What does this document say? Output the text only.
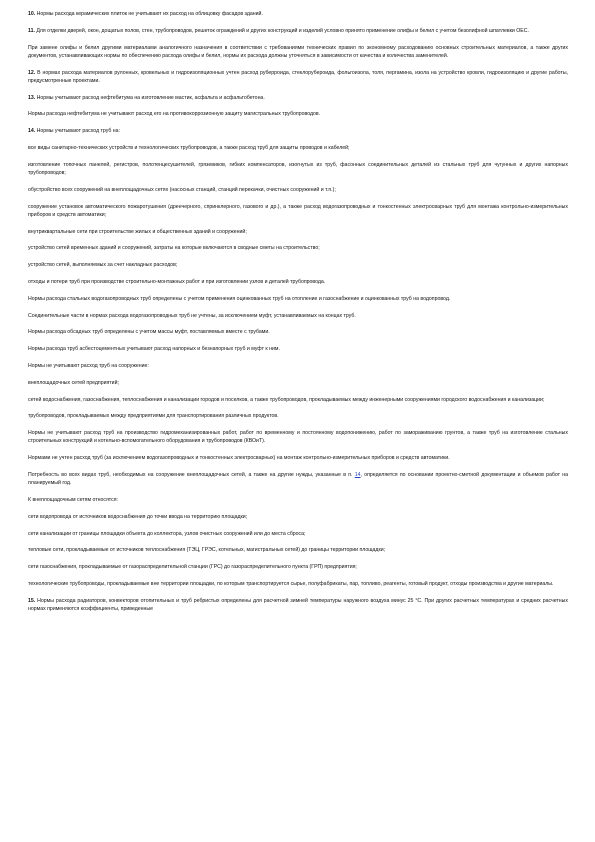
10. Нормы расхода керамических плиток не учитывают их расход на облицовку фасадов зданий.

11. Для отделки дверей, окон, дощатых полов, стен, трубопроводов, решеток ограждений и других конструкций и изделий условно принято применение олифы и белил с учетом безолифной шпатлевки ОЕС.

При замене олифы и белил другими материалами аналогичного назначения в соответствии с требованиями технических правил по экономному расходованию основных строительных материалов, а также других документов, устанавливающих нормы по обеспечению расхода олифы и белил, нормы их расхода должны уточняться в зависимости от качества и количества заменителей.

12. В нормах расхода материалов рулонных, кровельных и гидроизоляционных учтен расход руберроида, стеклорубероида, фольгоизола, толя, пергамина, изола на устройство кровли, гидроизоляцию и другие работы, предусмотренные проектами.

13. Нормы учитывают расход нефтебитума на изготовление мастик, асфальта и асфальтобетона.

Нормы расхода нефтебитума не учитывают расход его на противокоррозионную защиту магистральных трубопроводов.

14. Нормы учитывают расход труб на:

все виды санитарно-технических устройств и технологических трубопроводов, а также расход труб для защиты проводов и кабелей;

изготовление топочных панелей, регистров, полотенцесушителей, грязевиков, гибких компенсаторов, изогнутых из труб, фасонных соединительных деталей из стальных труб для чугунных и других напорных трубопроводов;

обустройство всех сооружений на внеплощадочных сетях (насосных станций, станций перекачки, очистных сооружений и т.п.);

сооружение установок автоматического пожаротушения (дренчерного, спринклерного, газового и др.), а также расход водогазопроводных и тонкостенных электросварных труб для монтажа контрольно-измерительных приборов и средств автоматики;

внутриквартальные сети при строительстве жилых и общественных зданий и сооружений;

устройство сетей временных зданий и сооружений, затраты на которые включаются в сводные сметы на строительство;

устройство сетей, выполняемых за счет накладных расходов;

отходы и потери труб при производстве строительно-монтажных работ и при изготовлении узлов и деталей трубопровода.

Нормы расхода стальных водогазопроводных труб определены с учетом применения оцинкованных труб на отопление и газоснабжение и оцинкованных труб на водопровод.

Соединительные части в нормах расхода водогазопроводных труб не учтены, за исключением муфт, устанавливаемых на концах труб.

Нормы расхода обсадных труб определены с учетом массы муфт, поставляемых вместе с трубами.

Нормы расхода труб асбестоцементных учитывают расход напорных и безнапорных труб и муфт к ним.

Нормы не учитывают расход труб на сооружение:

внеплощадочных сетей предприятий;

сетей водоснабжения, газоснабжения, теплоснабжения и канализации городов и поселков, а также трубопроводов, прокладываемых между инженерными сооружениями городского водоснабжения и канализации;

трубопроводов, прокладываемых между предприятиями для транспортирования различных продуктов.

Нормы не учитывают расход труб на производство гидромеханизированных работ, работ по временному и постоянному водопонижению, работ по замораживанию грунтов, а также труб на изготовление стальных строительных конструкций и котельно-вспомогательного оборудования и трубопроводов (КВОиТ).

Нормами не учтен расход труб (за исключением водогазопроводных и тонкостенных электросварных) на монтаж контрольно-измерительных приборов и средств автоматики.

Потребность во всех видах труб, необходимых на сооружение внеплощадочных сетей, а также на другие нужды, указанные в п. 14, определяется по основании проектно-сметной документации и объемов работ на планируемый год.

К внеплощадочным сетям относятся:

сети водопровода от источников водоснабжения до точки ввода на территорию площадки;

сети канализации от границы площадки объекта до коллектора, узлов очистных сооружений или до места сброса;

тепловые сети, прокладываемые от источников теплоснабжения (ТЭЦ, ГРЭС, котельных, магистральных сетей) до границы территории площадки;

сети газоснабжения, прокладываемые от газораспределительной станции (ГРС) до газораспределительного пункта (ГРП) предприятия;

технологические трубопроводы, прокладываемые вне территории площадки, по которым транспортируется сырье, полуфабрикаты, пар, топливо, реагенты, готовый продукт, отходы производства и другие материалы.

15. Нормы расхода радиаторов, конвекторов отопительных и труб ребристых определены для расчетной зимней температуры наружного воздуха минус 25 °С. При других расчетных температурах и средних расчетных нормах применяются коэффициенты, приведенные
